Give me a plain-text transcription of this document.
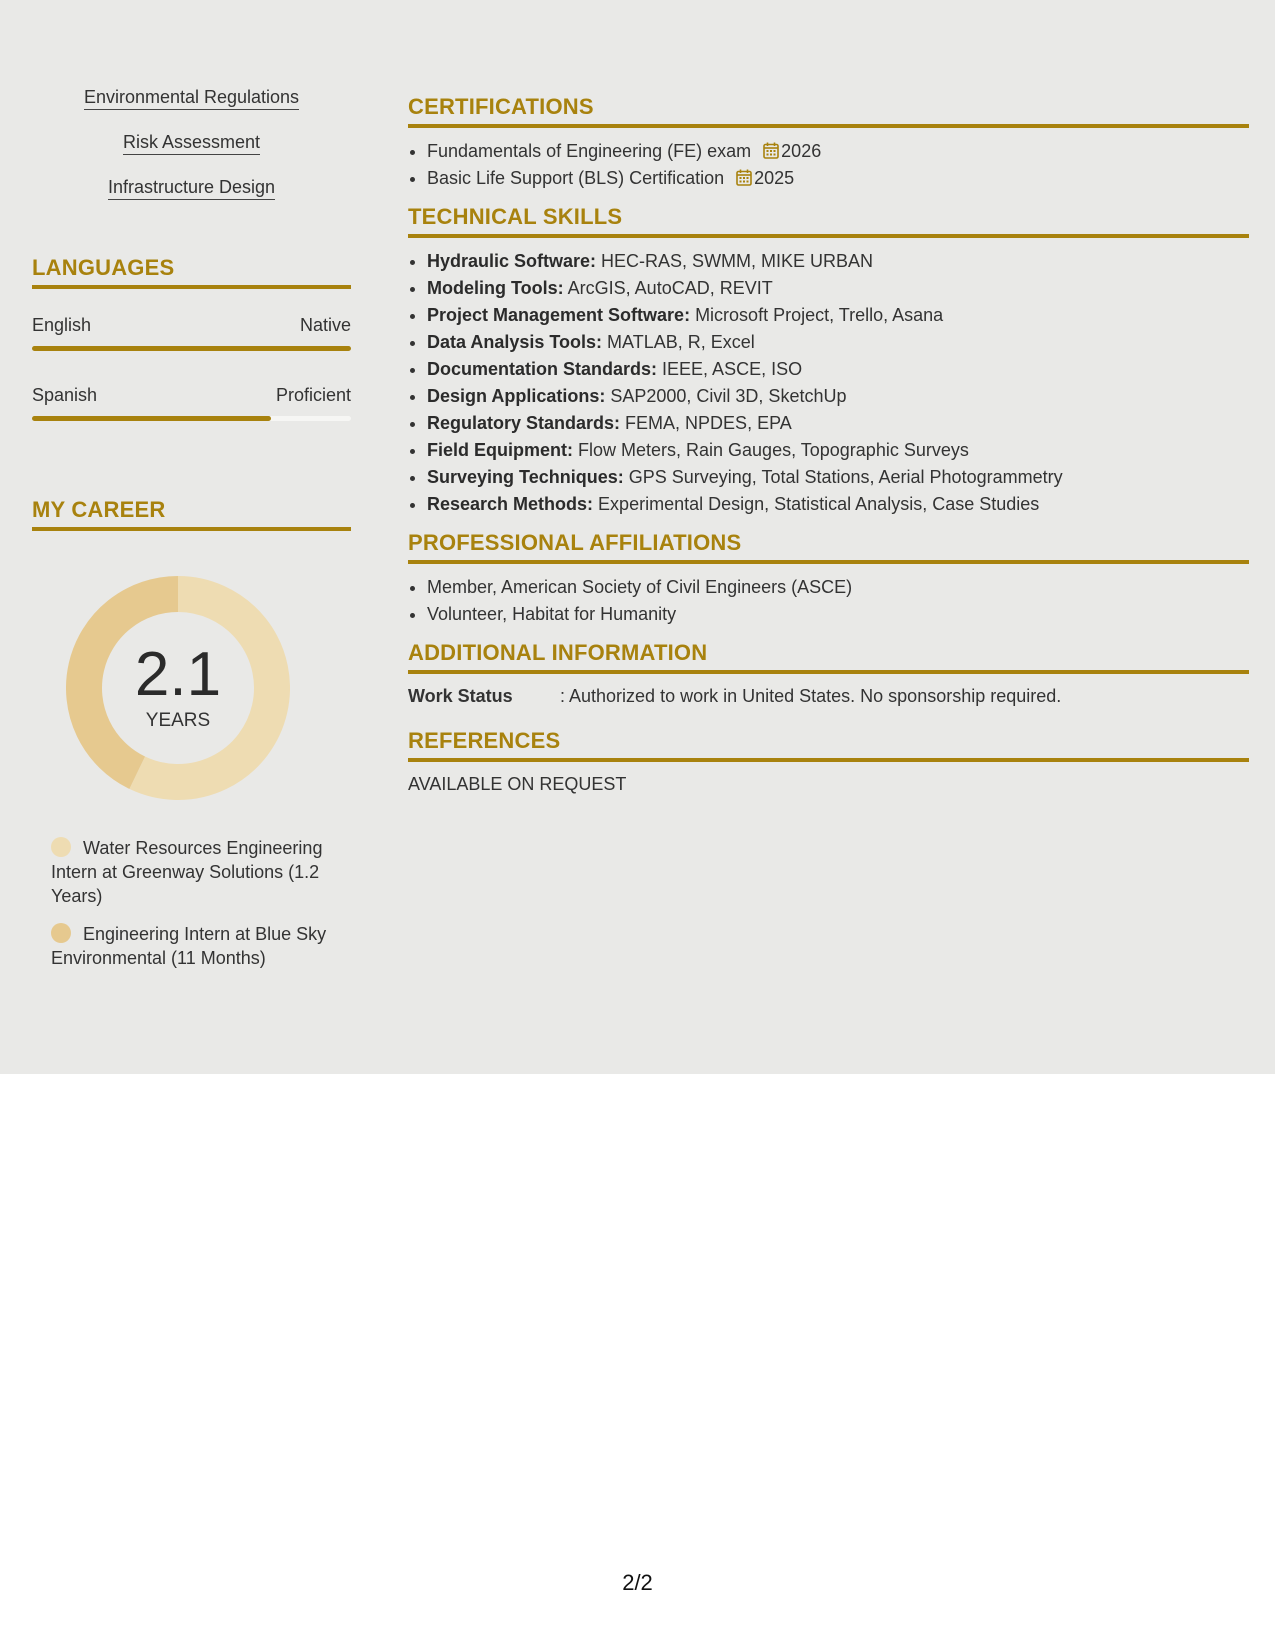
Environmental Regulations
Risk Assessment
Infrastructure Design
LANGUAGES
English	Native
Spanish	Proficient
MY CAREER
2.1
YEARS
Water Resources Engineering Intern at Greenway Solutions (1.2 Years)
Engineering Intern at Blue Sky Environmental (11 Months)
CERTIFICATIONS
• Fundamentals of Engineering (FE) exam 2026
• Basic Life Support (BLS) Certification 2025
TECHNICAL SKILLS
• Hydraulic Software: HEC-RAS, SWMM, MIKE URBAN
• Modeling Tools: ArcGIS, AutoCAD, REVIT
• Project Management Software: Microsoft Project, Trello, Asana
• Data Analysis Tools: MATLAB, R, Excel
• Documentation Standards: IEEE, ASCE, ISO
• Design Applications: SAP2000, Civil 3D, SketchUp
• Regulatory Standards: FEMA, NPDES, EPA
• Field Equipment: Flow Meters, Rain Gauges, Topographic Surveys
• Surveying Techniques: GPS Surveying, Total Stations, Aerial Photogrammetry
• Research Methods: Experimental Design, Statistical Analysis, Case Studies
PROFESSIONAL AFFILIATIONS
• Member, American Society of Civil Engineers (ASCE)
• Volunteer, Habitat for Humanity
ADDITIONAL INFORMATION
Work Status	: Authorized to work in United States. No sponsorship required.
REFERENCES
AVAILABLE ON REQUEST
2/2
